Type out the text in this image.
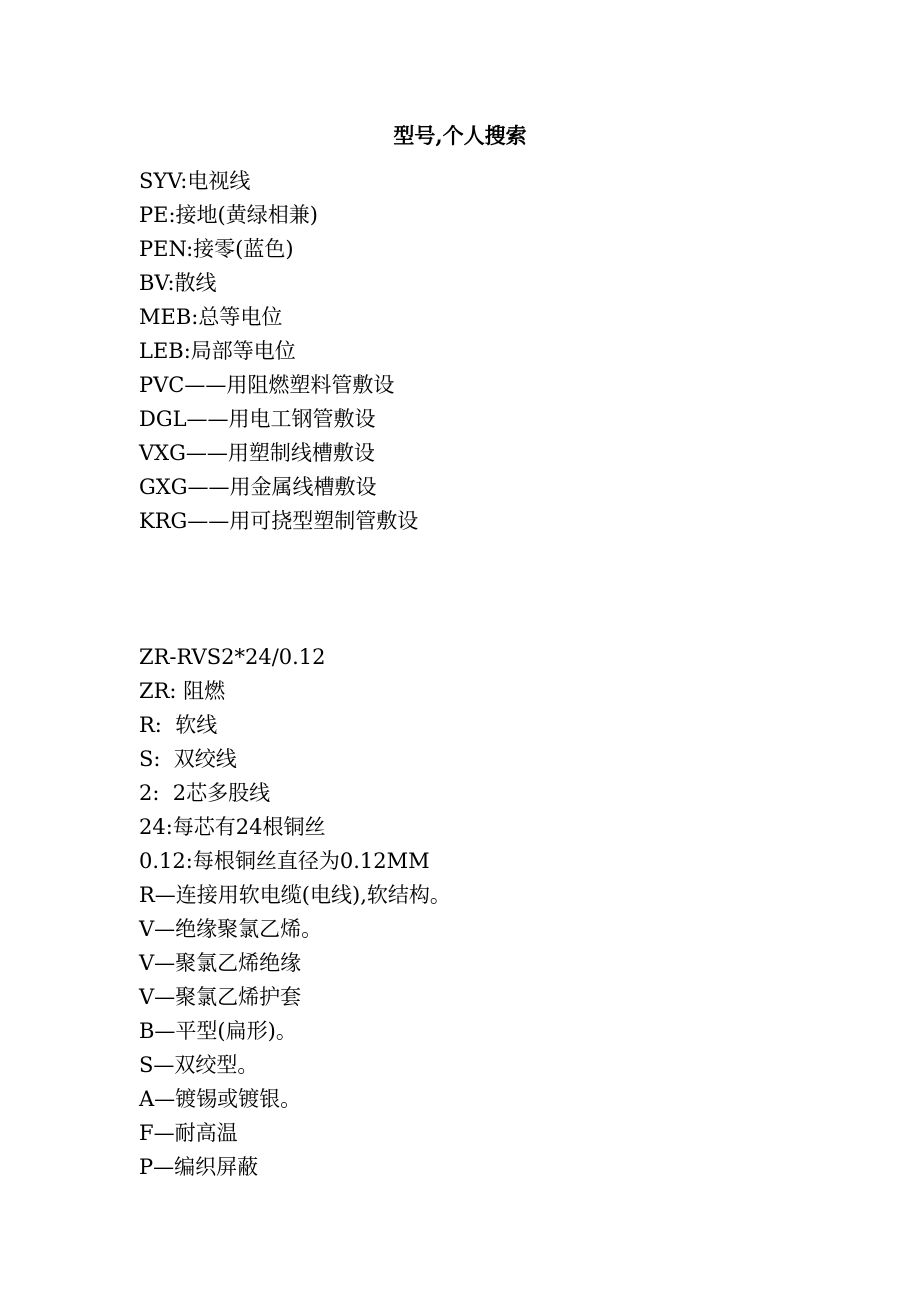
型号,个人搜索
SYV:电视线
PE:接地(黄绿相兼)
PEN:接零(蓝色)
BV:散线
MEB:总等电位
LEB:局部等电位
PVC——用阻燃塑料管敷设
DGL——用电工钢管敷设
VXG——用塑制线槽敷设
GXG——用金属线槽敷设
KRG——用可挠型塑制管敷设
ZR-RVS2*24/0.12
ZR: 阻燃
R:  软线
S:  双绞线
2:  2芯多股线
24:每芯有24根铜丝
0.12:每根铜丝直径为0.12MM
R—连接用软电缆(电线),软结构。
V—绝缘聚氯乙烯。
V—聚氯乙烯绝缘
V—聚氯乙烯护套
B—平型(扁形)。
S—双绞型。
A—镀锡或镀银。
F—耐高温
P—编织屏蔽
